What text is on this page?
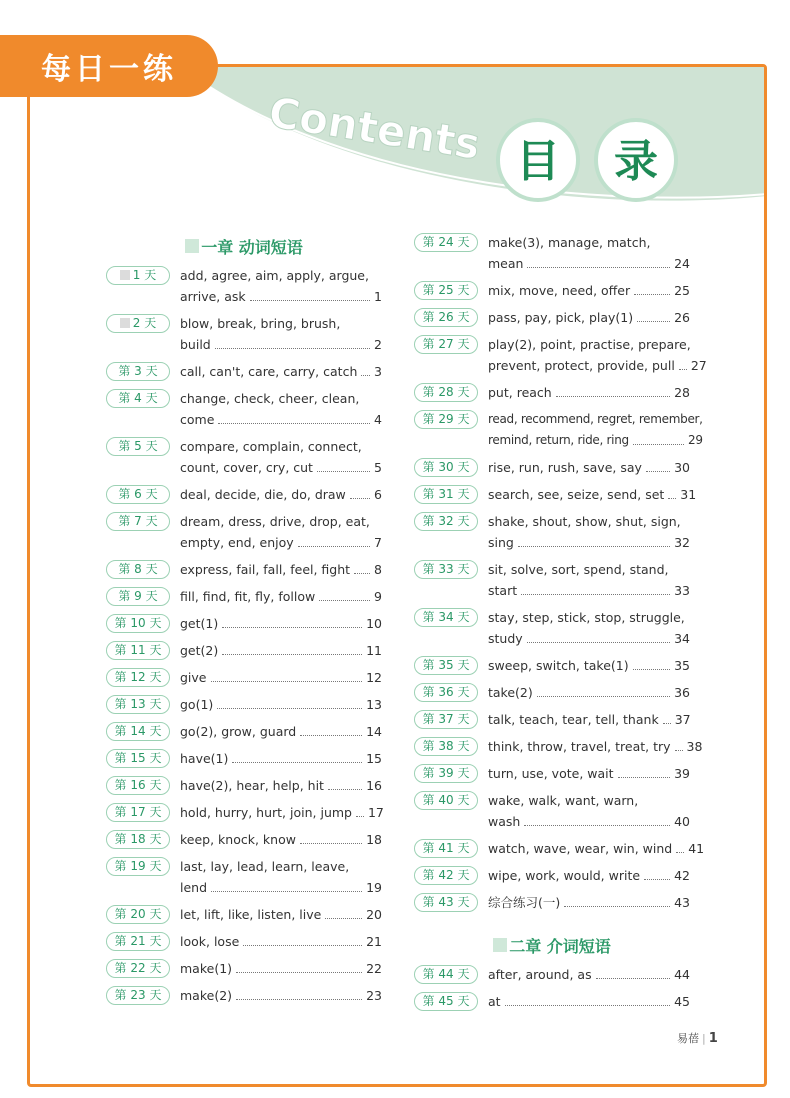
Contents 目 录
每日一练
一章 动词短语
1 天	add, agree, aim, apply, argue,
arrive, ask	1
2 天	blow, break, bring, brush,
build	2
第 3 天	call, can't, care, carry, catch 3
第 4 天	change, check, cheer, clean,
come	4
第 5 天	compare, complain, connect,
count, cover, cry, cut	5
第 6 天	deal, decide, die, do, draw 6
第 7 天	dream, dress, drive, drop, eat,
empty, end, enjoy	7
第 8 天	express, fail, fall, feel, fight 8
第 9 天	fill, find, fit, fly, follow	9
第 10 天	get(1)	10
第 11 天	get(2)	11
第 12 天	give	12
第 13 天	go(1)	13
第 14 天	go(2), grow, guard	14
第 15 天	have(1)	15
第 16 天	have(2), hear, help, hit	16
第 17 天	hold, hurry, hurt, join, jump 17
第 18 天	keep, knock, know	18
第 19 天	last, lay, lead, learn, leave,
lend	19
第 20 天	let, lift, like, listen, live	20
第 21 天	look, lose	21
第 22 天	make(1)	22
第 23 天	make(2)	23
第 24 天	make(3), manage, match,
mean	24
第 25 天	mix, move, need, offer	25
第 26 天	pass, pay, pick, play(1)	26
第 27 天	play(2), point, practise, prepare,
prevent, protect, provide, pull 27
第 28 天	put, reach	28
第 29 天	read, recommend, regret, remember,
remind, return, ride, ring	29
第 30 天	rise, run, rush, save, say	30
第 31 天	search, see, seize, send, set 31
第 32 天	shake, shout, show, shut, sign,
sing	32
第 33 天	sit, solve, sort, spend, stand,
start	33
第 34 天	stay, step, stick, stop, struggle,
study	34
第 35 天	sweep, switch, take(1)	35
第 36 天	take(2)	36
第 37 天	talk, teach, tear, tell, thank 37
第 38 天	think, throw, travel, treat, try 38
第 39 天	turn, use, vote, wait	39
第 40 天	wake, walk, want, warn,
wash	40
第 41 天	watch, wave, wear, win, wind 41
第 42 天	wipe, work, would, write	42
第 43 天	综合练习(一)	43
二章 介词短语
第 44 天	after, around, as	44
第 45 天	at	45
易蓓 | 1
